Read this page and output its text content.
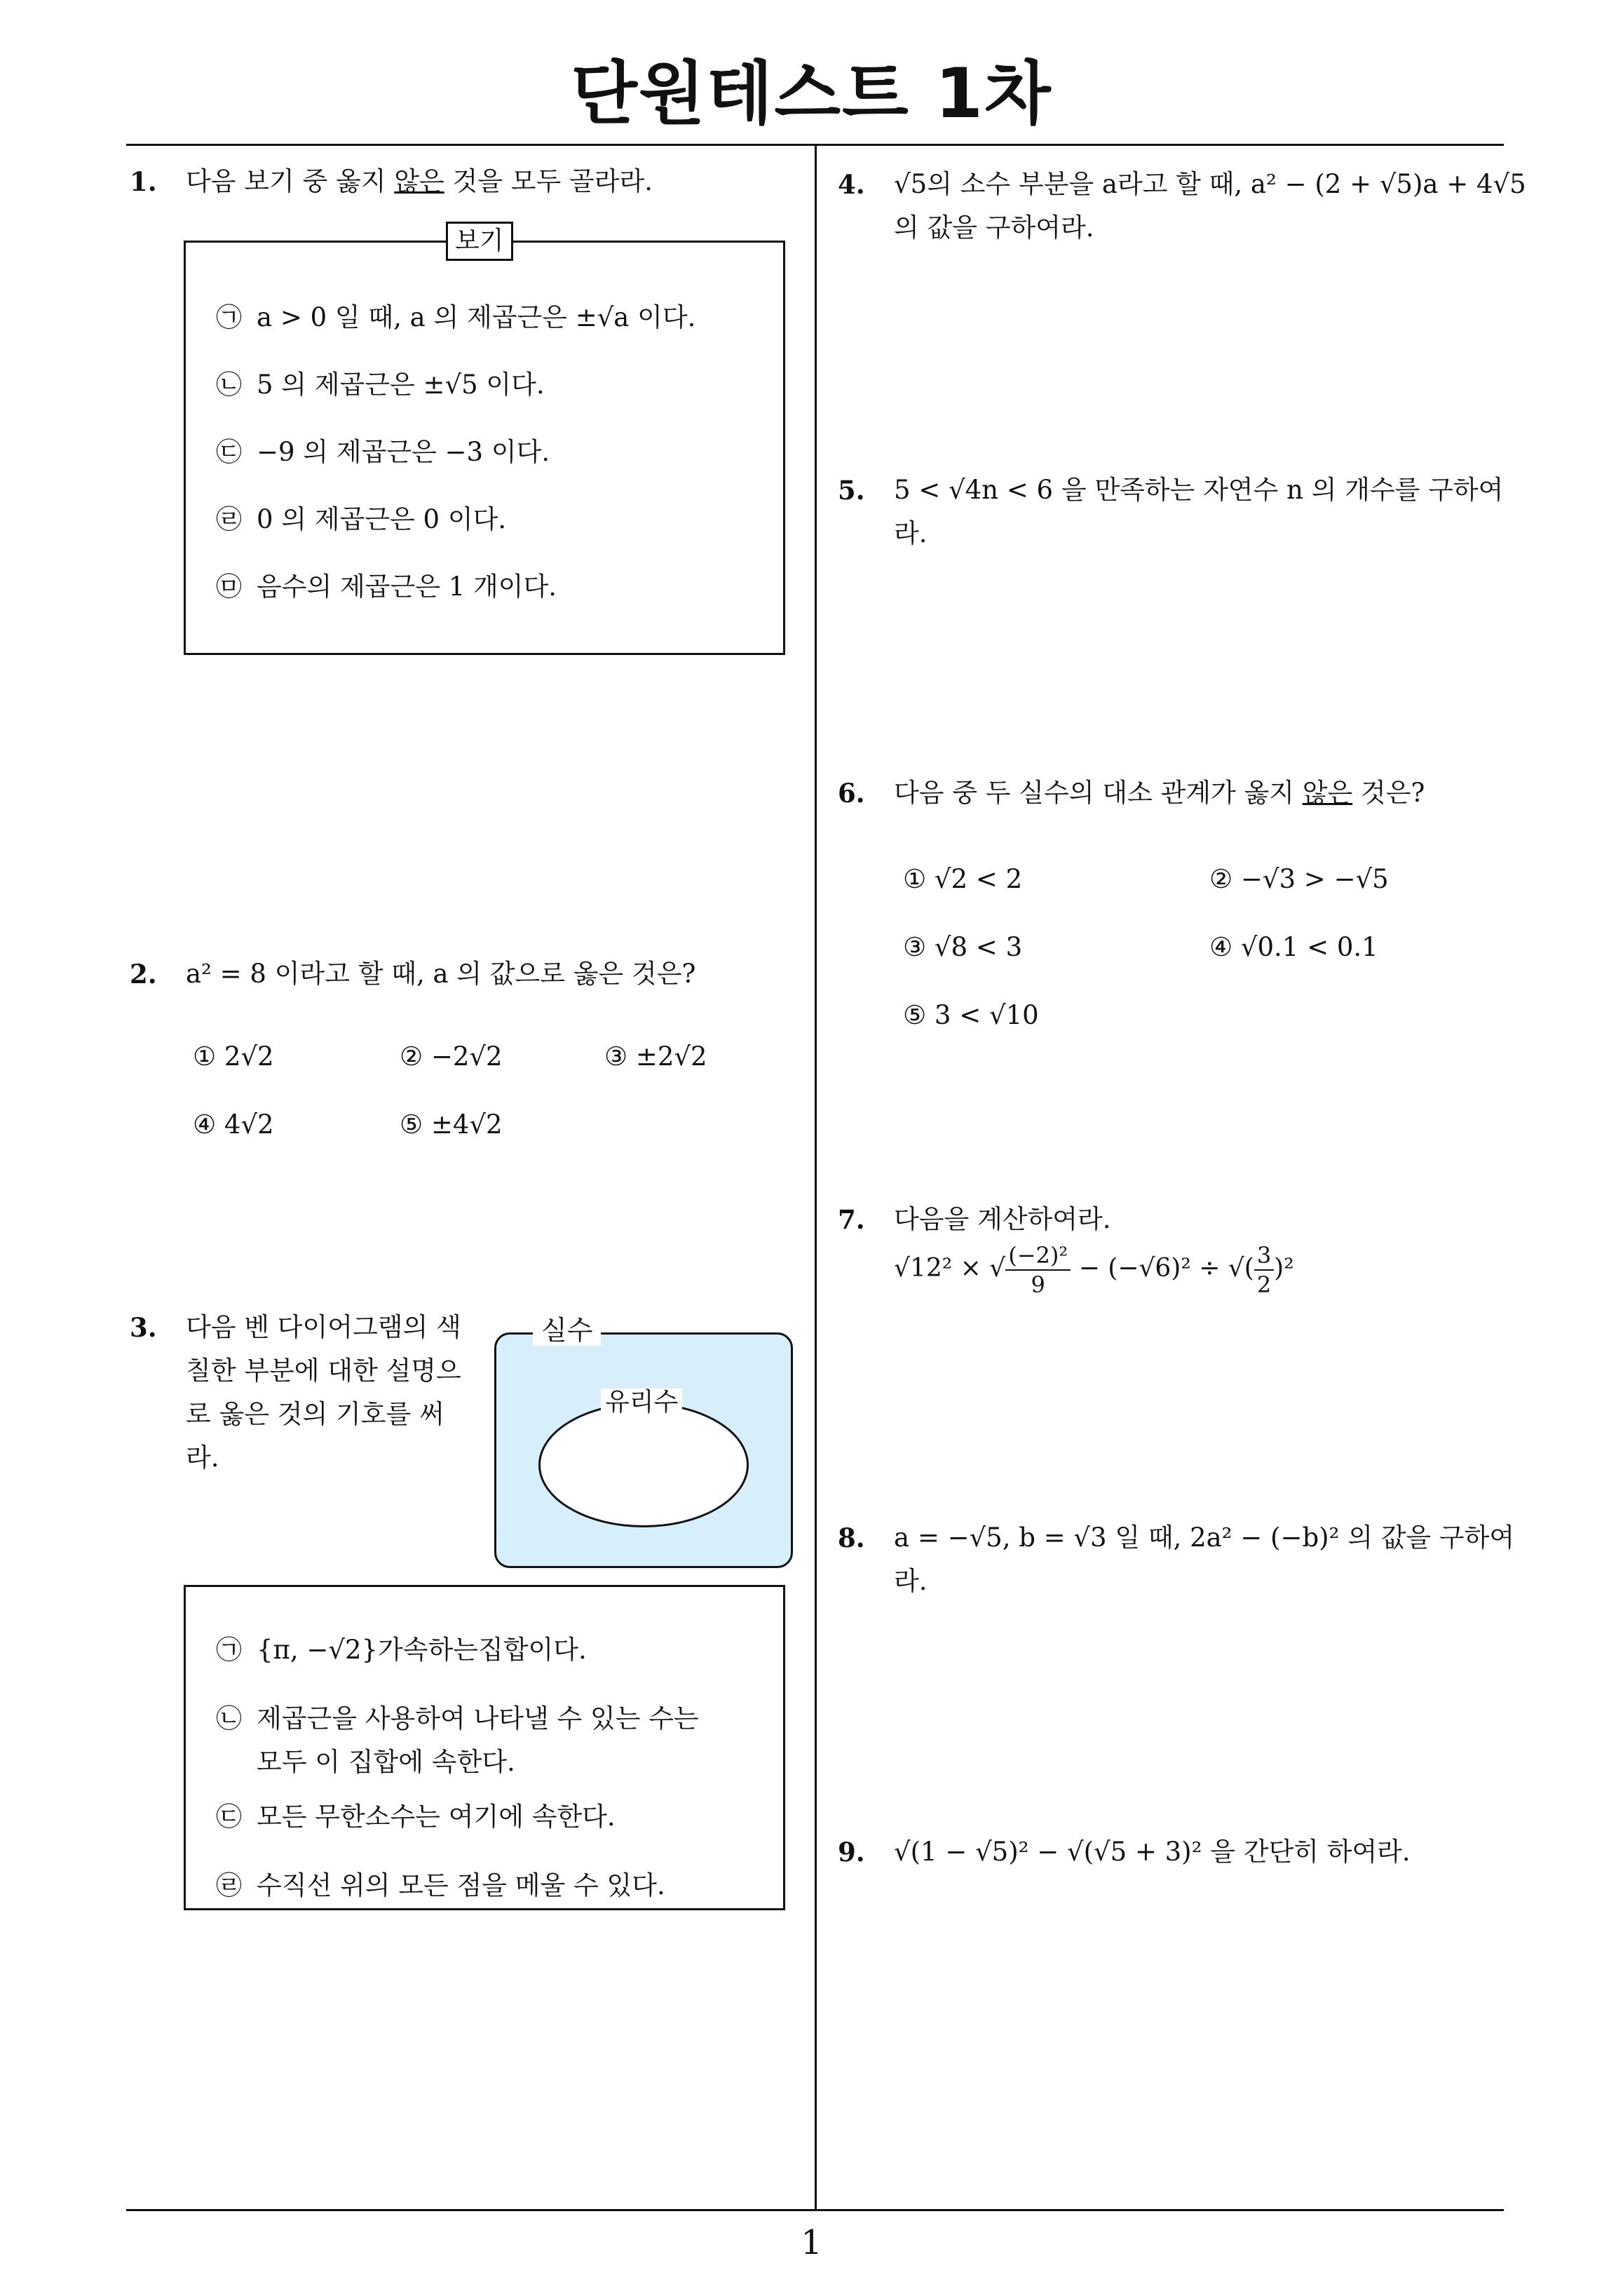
단원테스트 1차
1. 다음 보기 중 옳지 않은 것을 모두 골라라.
보기
㉠ a > 0 일 때, a 의 제곱근은 ±√a 이다.
㉡ 5 의 제곱근은 ±√5 이다.
㉢ −9 의 제곱근은 −3 이다.
㉣ 0 의 제곱근은 0 이다.
㉤ 음수의 제곱근은 1 개이다.
2. a² = 8 이라고 할 때, a 의 값으로 옳은 것은?
① 2√2	② −2√2	③ ±2√2
④ 4√2	⑤ ±4√2
3. 다음 벤 다이어그램의 색
칠한 부분에 대한 설명으
로 옳은 것의 기호를 써
라.
실수
유리수
㉠ {π, −√2}가속하는집합이다.
㉡ 제곱근을 사용하여 나타낼 수 있는 수는
모두 이 집합에 속한다.
㉢ 모든 무한소수는 여기에 속한다.
㉣ 수직선 위의 모든 점을 메울 수 있다.
4. √5의 소수 부분을 a라고 할 때, a² − (2 + √5)a + 4√5
의 값을 구하여라.
5. 5 < √4n < 6 을 만족하는 자연수 n 의 개수를 구하여
라.
6. 다음 중 두 실수의 대소 관계가 옳지 않은 것은?
① √2 < 2	② −√3 > −√5
③ √8 < 3	④ √0.1 < 0.1
⑤ 3 < √10
7. 다음을 계산하여라.
√12² × √ $\frac{\text{(−2)²}}{9} - (-√6)^2$ ÷ √( $\frac{3}{2} )^2$
8. a = −√5, b = √3 일 때, 2a² − (−b)² 의 값을 구하여
라.
9. √(1 − √5)² − √(√5 + 3)² 을 간단히 하여라.
1
